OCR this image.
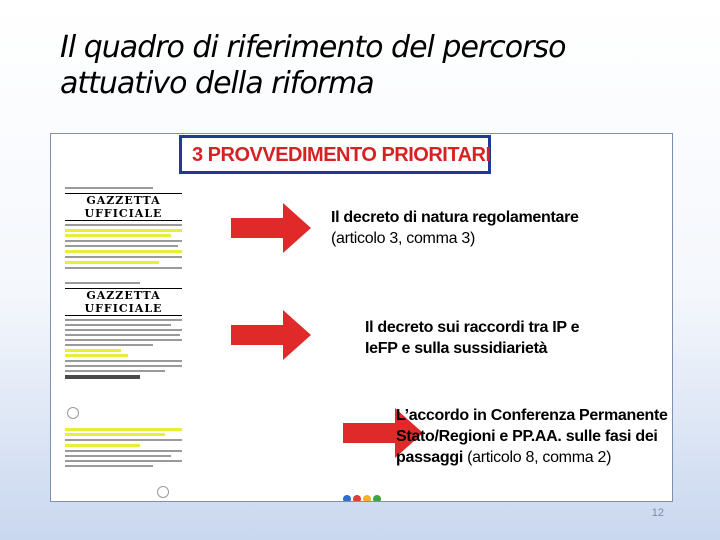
Il quadro di riferimento del percorso
attuativo della riforma
3 PROVVEDIMENTO PRIORITARI
GAZZETTA UFFICIALE
GAZZETTA UFFICIALE
Il decreto di natura regolamentare
(articolo 3, comma 3)
Il decreto sui raccordi tra IP e
IeFP e sulla sussidiarietà
L’accordo in Conferenza Permanente
Stato/Regioni e PP.AA. sulle fasi dei
passaggi (articolo 8, comma 2)
12
